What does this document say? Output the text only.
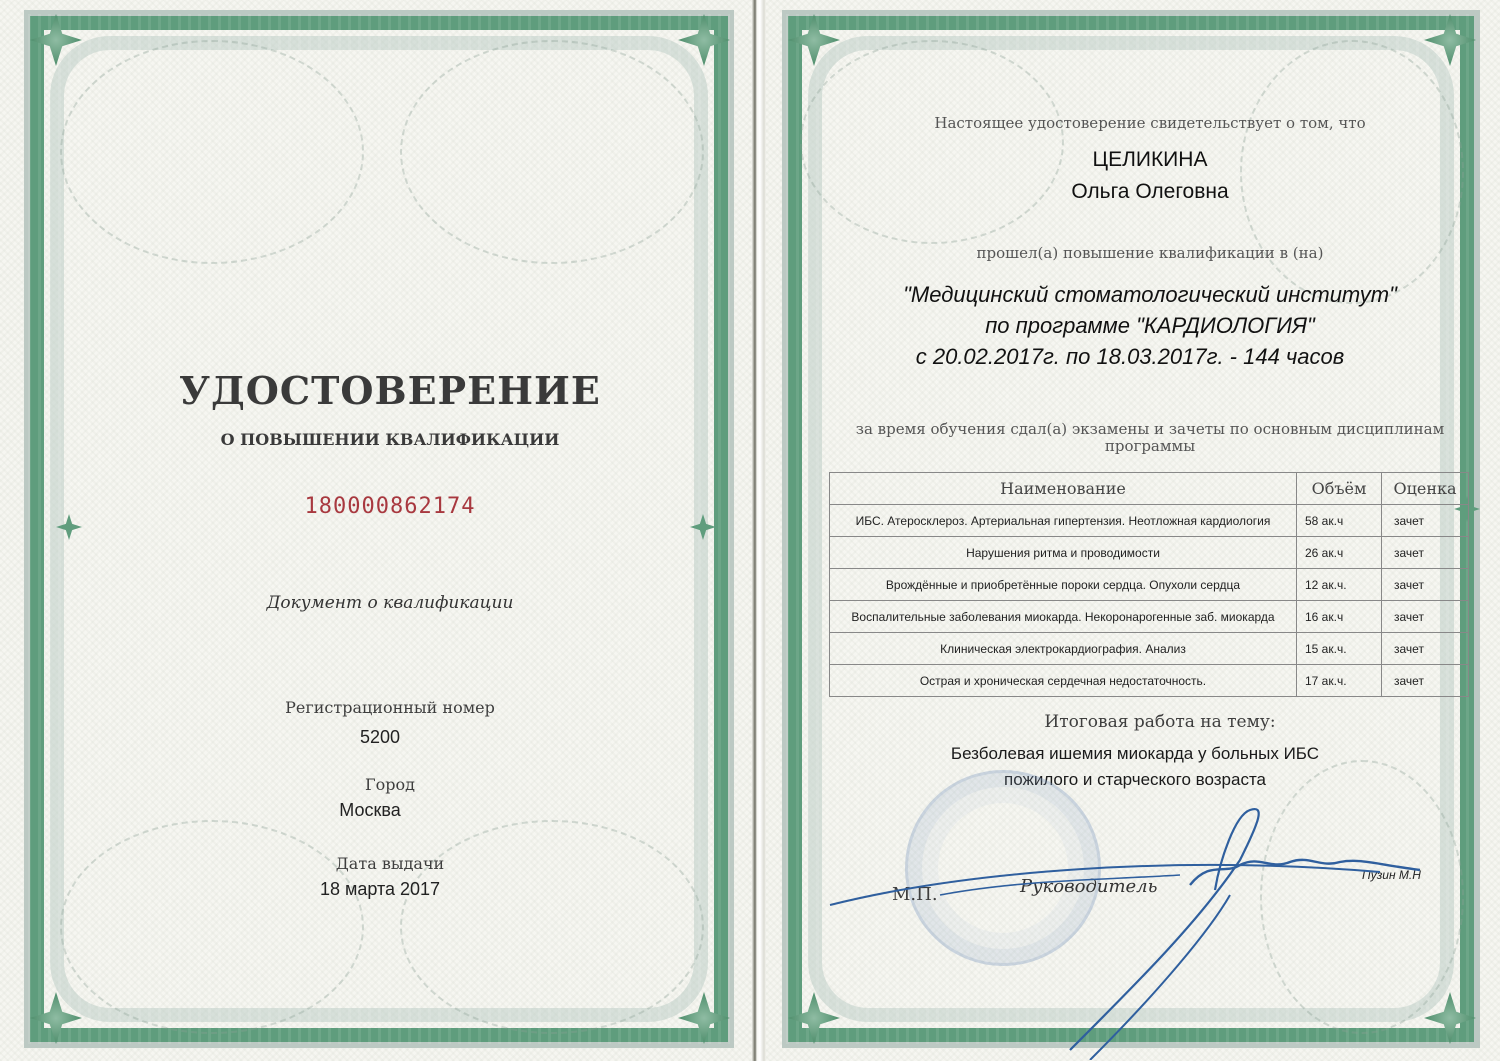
УДОСТОВЕРЕНИЕ
О ПОВЫШЕНИИ КВАЛИФИКАЦИИ
180000862174
Документ о квалификации
Регистрационный номер
5200
Город
Москва
Дата выдачи
18 марта 2017
Настоящее удостоверение свидетельствует о том, что
ЦЕЛИКИНА
Ольга Олеговна
прошел(а) повышение квалификации в (на)
"Медицинский стоматологический институт"
по программе "КАРДИОЛОГИЯ"
с 20.02.2017г. по 18.03.2017г. - 144 часов
за время обучения сдал(а) экзамены и зачеты по основным дисциплинам
программы
Наименование	Объём	Оценка
ИБС. Атеросклероз. Артериальная гипертензия. Неотложная кардиология	58 ак.ч	зачет
Нарушения ритма и проводимости	26 ак.ч	зачет
Врождённые и приобретённые пороки сердца. Опухоли сердца	12 ак.ч.	зачет
Воспалительные заболевания миокарда. Некоронарогенные заб. миокарда	16 ак.ч	зачет
Клиническая электрокардиография. Анализ	15 ак.ч.	зачет
Острая и хроническая сердечная недостаточность.	17 ак.ч.	зачет
Итоговая работа на тему:
Безболевая ишемия миокарда у больных ИБС
пожилого и старческого возраста
М.П.	Руководитель
Пузин М.Н
